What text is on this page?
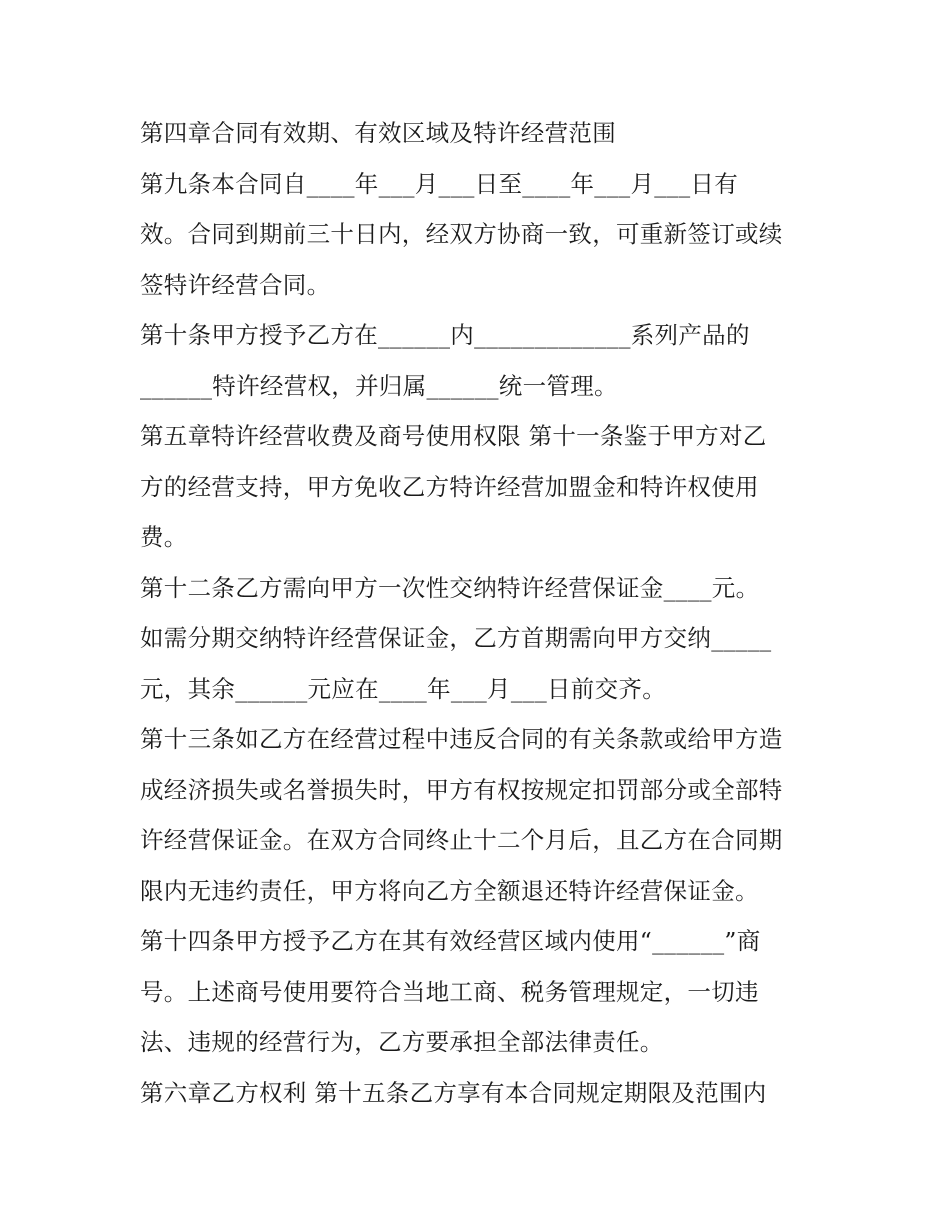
第四章合同有效期、有效区域及特许经营范围
第九条本合同自____年___月___日至____年___月___日有
效。合同到期前三十日内，经双方协商一致，可重新签订或续
签特许经营合同。
第十条甲方授予乙方在______内_____________系列产品的
______特许经营权，并归属______统一管理。
第五章特许经营收费及商号使用权限 第十一条鉴于甲方对乙
方的经营支持，甲方免收乙方特许经营加盟金和特许权使用
费。
第十二条乙方需向甲方一次性交纳特许经营保证金____元。
如需分期交纳特许经营保证金，乙方首期需向甲方交纳_____
元，其余______元应在____年___月___日前交齐。
第十三条如乙方在经营过程中违反合同的有关条款或给甲方造
成经济损失或名誉损失时，甲方有权按规定扣罚部分或全部特
许经营保证金。在双方合同终止十二个月后，且乙方在合同期
限内无违约责任，甲方将向乙方全额退还特许经营保证金。
第十四条甲方授予乙方在其有效经营区域内使用“______”商
号。上述商号使用要符合当地工商、税务管理规定，一切违
法、违规的经营行为，乙方要承担全部法律责任。
第六章乙方权利 第十五条乙方享有本合同规定期限及范围内
